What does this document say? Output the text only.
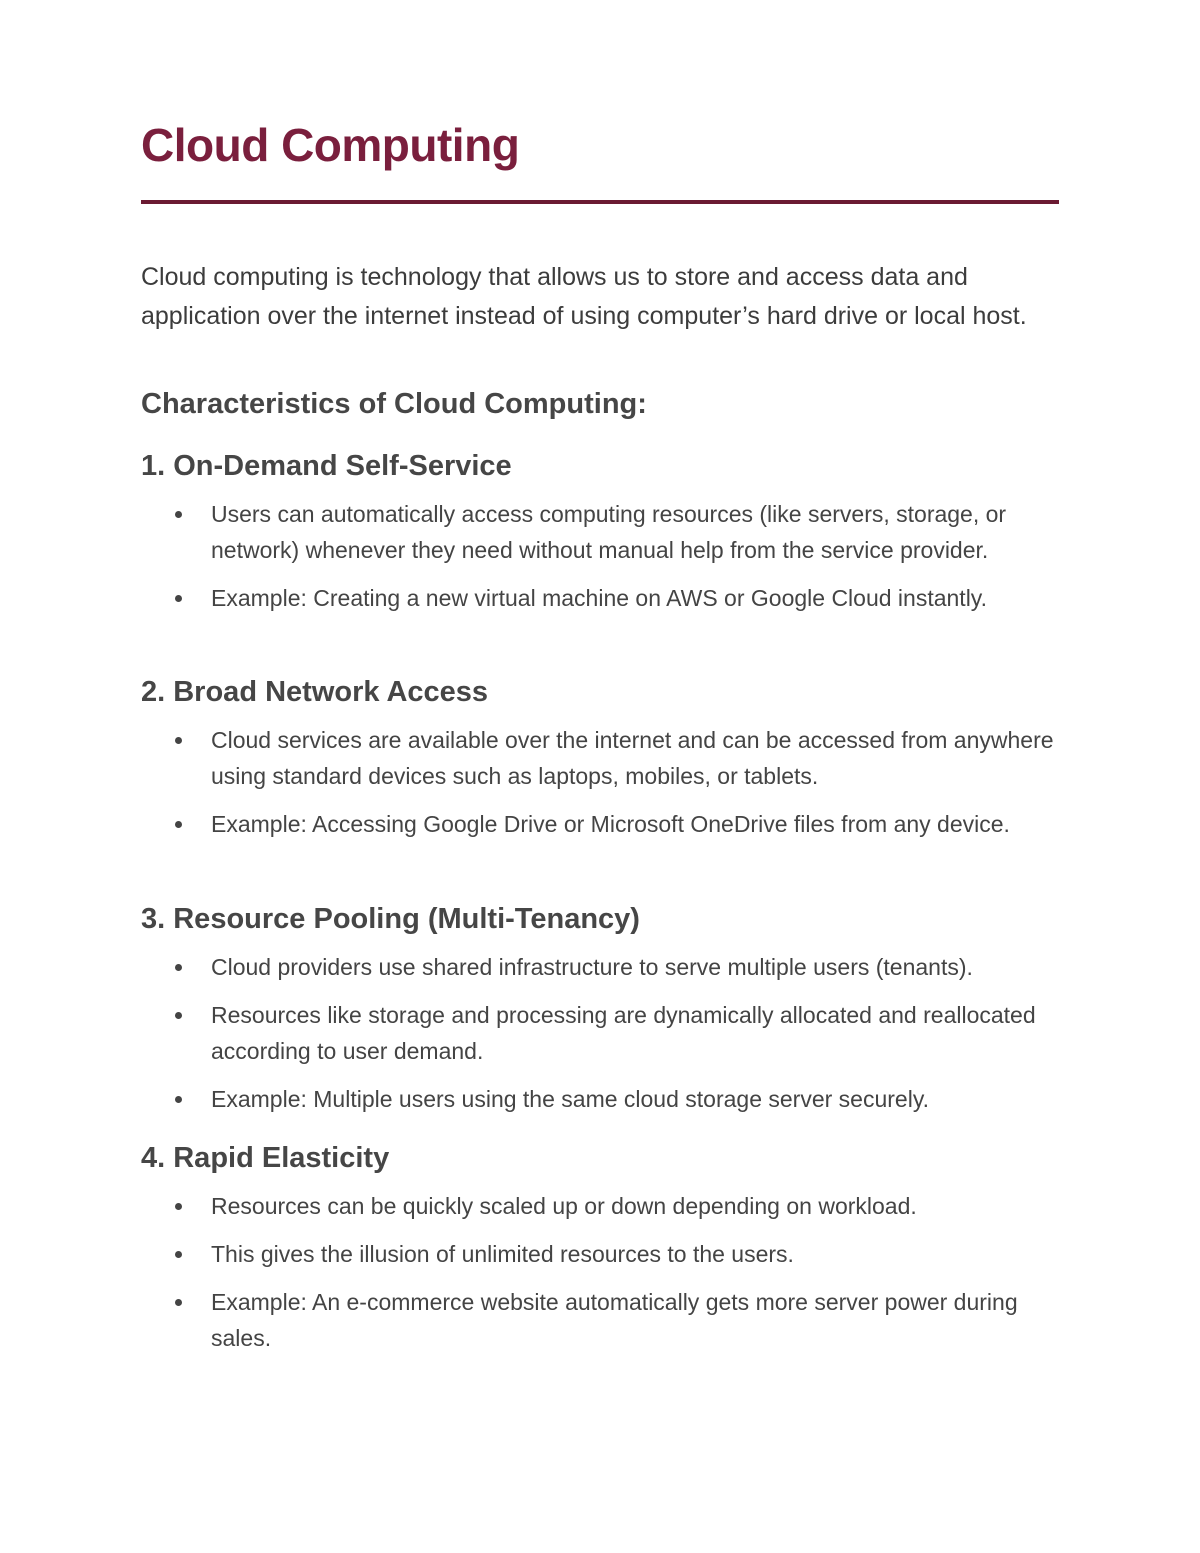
Cloud Computing

Cloud computing is technology that allows us to store and access data and application over the internet instead of using computer’s hard drive or local host.

Characteristics of Cloud Computing:
1. On-Demand Self-Service
Users can automatically access computing resources (like servers, storage, or network) whenever they need without manual help from the service provider.
Example: Creating a new virtual machine on AWS or Google Cloud instantly.
2. Broad Network Access
Cloud services are available over the internet and can be accessed from anywhere using standard devices such as laptops, mobiles, or tablets.
Example: Accessing Google Drive or Microsoft OneDrive files from any device.
3. Resource Pooling (Multi-Tenancy)
Cloud providers use shared infrastructure to serve multiple users (tenants).
Resources like storage and processing are dynamically allocated and reallocated according to user demand.
Example: Multiple users using the same cloud storage server securely.
4. Rapid Elasticity
Resources can be quickly scaled up or down depending on workload.
This gives the illusion of unlimited resources to the users.
Example: An e-commerce website automatically gets more server power during sales.
